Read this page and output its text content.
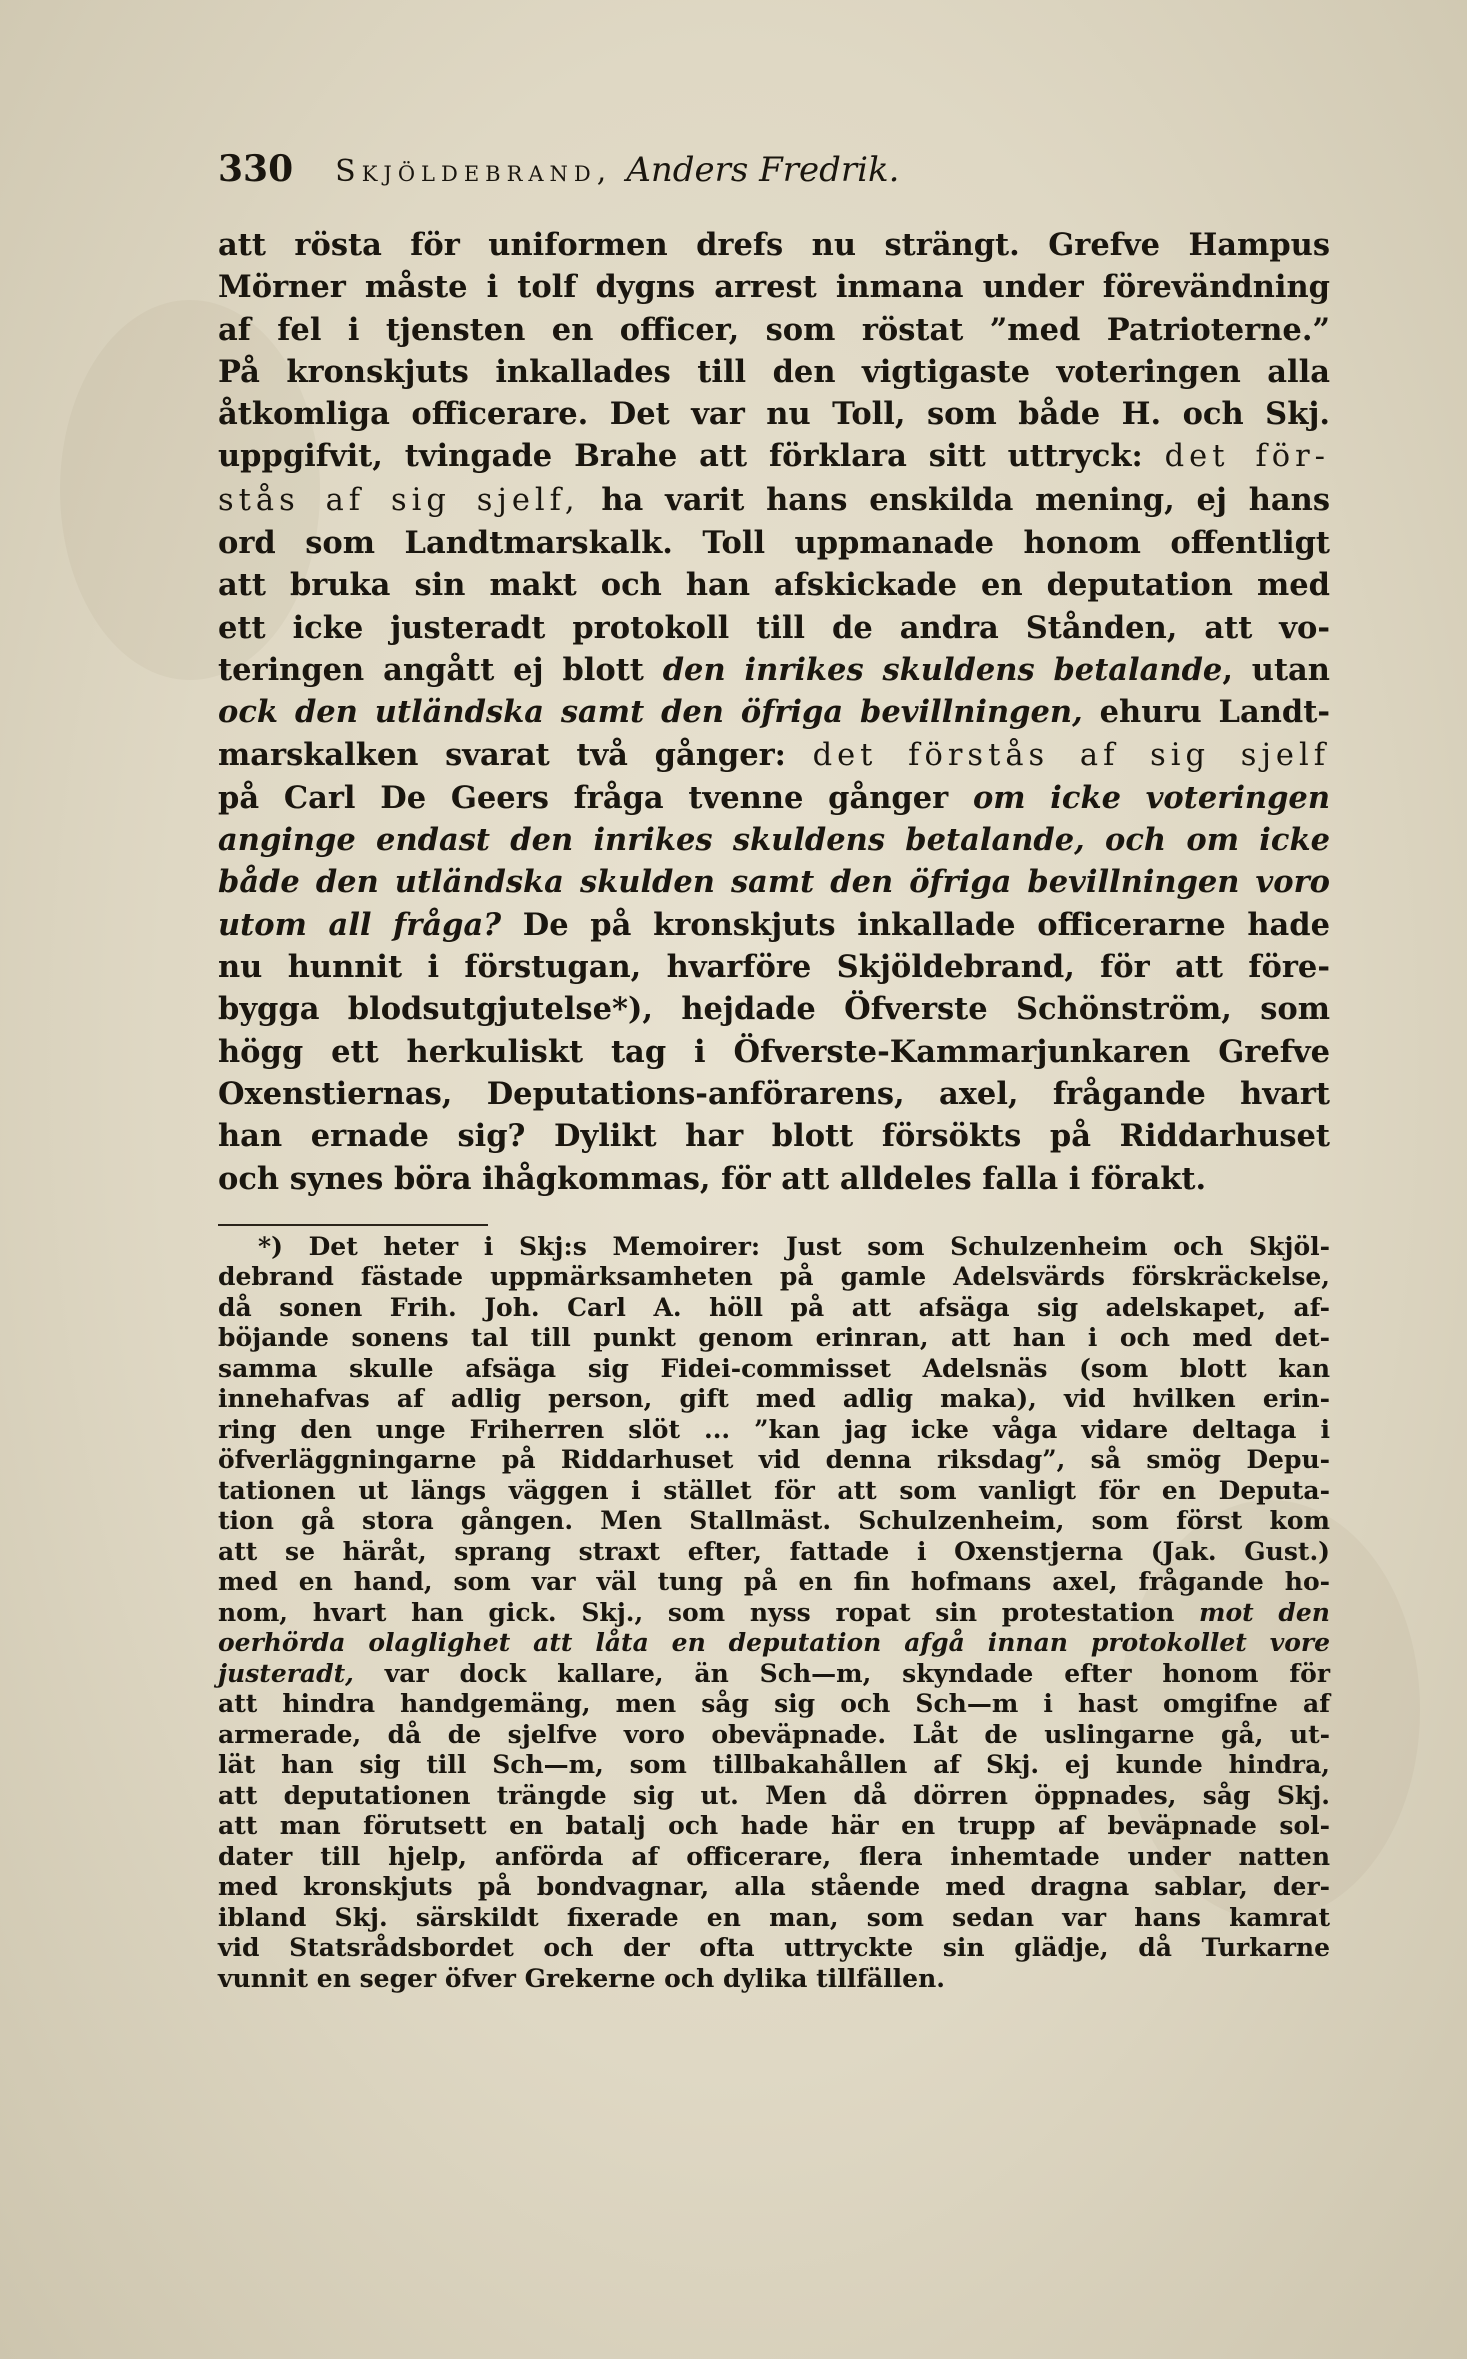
330 Skjöldebrand, Anders Fredrik.
att rösta för uniformen drefs nu strängt. Grefve Hampus
Mörner måste i tolf dygns arrest inmana under förevändning
af fel i tjensten en officer, som röstat ”med Patrioterne.”
På kronskjuts inkallades till den vigtigaste voteringen alla
åtkomliga officerare. Det var nu Toll, som både H. och Skj.
uppgifvit, tvingade Brahe att förklara sitt uttryck: det för-
stås af sig sjelf, ha varit hans enskilda mening, ej hans
ord som Landtmarskalk. Toll uppmanade honom offentligt
att bruka sin makt och han afskickade en deputation med
ett icke justeradt protokoll till de andra Stånden, att vo-
teringen angått ej blott den inrikes skuldens betalande, utan
ock den utländska samt den öfriga bevillningen, ehuru Landt-
marskalken svarat två gånger: det förstås af sig sjelf
på Carl De Geers fråga tvenne gånger om icke voteringen
anginge endast den inrikes skuldens betalande, och om icke
både den utländska skulden samt den öfriga bevillningen voro
utom all fråga? De på kronskjuts inkallade officerarne hade
nu hunnit i förstugan, hvarföre Skjöldebrand, för att före-
bygga blodsutgjutelse*), hejdade Öfverste Schönström, som
högg ett herkuliskt tag i Öfverste-Kammarjunkaren Grefve
Oxenstiernas, Deputations-anförarens, axel, frågande hvart
han ernade sig? Dylikt har blott försökts på Riddarhuset
och synes böra ihågkommas, för att alldeles falla i förakt.
*) Det heter i Skj:s Memoirer: Just som Schulzenheim och Skjöl-
debrand fästade uppmärksamheten på gamle Adelsvärds förskräckelse,
då sonen Frih. Joh. Carl A. höll på att afsäga sig adelskapet, af-
böjande sonens tal till punkt genom erinran, att han i och med det-
samma skulle afsäga sig Fidei-commisset Adelsnäs (som blott kan
innehafvas af adlig person, gift med adlig maka), vid hvilken erin-
ring den unge Friherren slöt ... ”kan jag icke våga vidare deltaga i
öfverläggningarne på Riddarhuset vid denna riksdag”, så smög Depu-
tationen ut längs väggen i stället för att som vanligt för en Deputa-
tion gå stora gången. Men Stallmäst. Schulzenheim, som först kom
att se häråt, sprang straxt efter, fattade i Oxenstjerna (Jak. Gust.)
med en hand, som var väl tung på en fin hofmans axel, frågande ho-
nom, hvart han gick. Skj., som nyss ropat sin protestation mot den
oerhörda olaglighet att låta en deputation afgå innan protokollet vore
justeradt, var dock kallare, än Sch—m, skyndade efter honom för
att hindra handgemäng, men såg sig och Sch—m i hast omgifne af
armerade, då de sjelfve voro obeväpnade. Låt de uslingarne gå, ut-
lät han sig till Sch—m, som tillbakahållen af Skj. ej kunde hindra,
att deputationen trängde sig ut. Men då dörren öppnades, såg Skj.
att man förutsett en batalj och hade här en trupp af beväpnade sol-
dater till hjelp, anförda af officerare, flera inhemtade under natten
med kronskjuts på bondvagnar, alla stående med dragna sablar, der-
ibland Skj. särskildt fixerade en man, som sedan var hans kamrat
vid Statsrådsbordet och der ofta uttryckte sin glädje, då Turkarne
vunnit en seger öfver Grekerne och dylika tillfällen.
